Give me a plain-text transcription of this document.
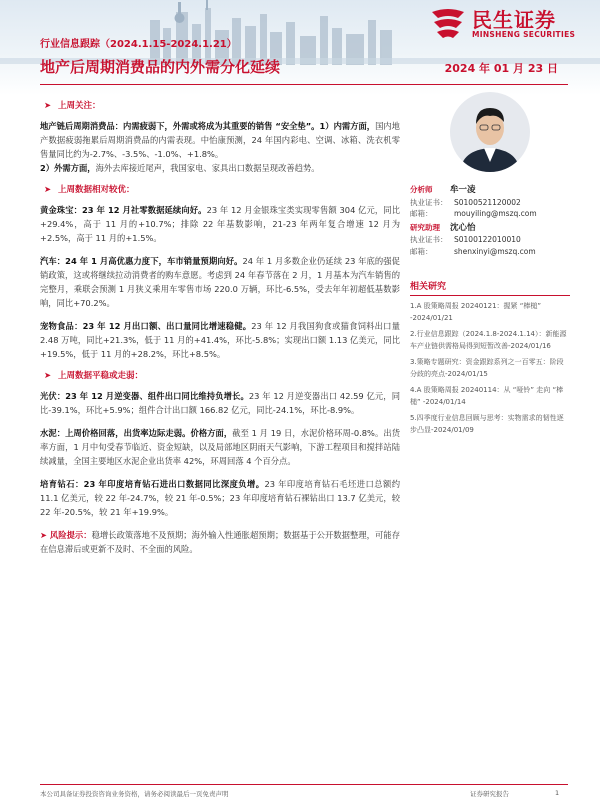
民生证券
MINSHENG SECURITIES
行业信息跟踪（2024.1.15-2024.1.21）
地产后周期消费品的内外需分化延续	2024 年 01 月 23 日
➤ 上周关注：

地产链后周期消费品：内需疲弱下，外需或将成为其重要的销售 “安全垫”。1）内需方面，国内地产数据疲弱拖累后周期消费品的内需表现。中怡康预测，24 年国内彩电、空调、冰箱、洗衣机零售量同比约为-2.7%、-3.5%、-1.0%、+1.8%。
2）外需方面，海外去库接近尾声，我国家电、家具出口数据呈现改善趋势。

➤ 上周数据相对较优：

黄金珠宝：23 年 12 月社零数据延续向好。23 年 12 月金银珠宝类实现零售额 304 亿元，同比+29.4%，高于 11 月的+10.7%；排除 22 年基数影响，21-23 年两年复合增速 12 月为+2.5%，高于 11 月的+1.5%。

汽车：24 年 1 月高优惠力度下，车市销量预期向好。24 年 1 月多数企业仍延续 23 年底的强促销政策，这或将继续拉动消费者的购车意愿。考虑到 24 年春节落在 2 月，1 月基本为汽车销售的完整月，乘联会预测 1 月狭义乘用车零售市场 220.0 万辆，环比-6.5%，受去年年初超低基数影响，同比+70.2%。

宠物食品：23 年 12 月出口额、出口量同比增速稳健。23 年 12 月我国狗食或猫食饲料出口量 2.48 万吨，同比+21.3%，低于 11 月的+41.4%，环比-5.8%；实现出口额 1.13 亿美元，同比+19.5%，低于 11 月的+28.2%，环比+8.5%。

➤ 上周数据平稳或走弱：

光伏：23 年 12 月逆变器、组件出口同比维持负增长。23 年 12 月逆变器出口 42.59 亿元，同比-39.1%，环比+5.9%；组件合计出口额 166.82 亿元，同比-24.1%，环比-8.9%。

水泥：上周价格回落，出货率边际走弱。价格方面，截至 1 月 19 日，水泥价格环周-0.8%。出货率方面，1 月中旬受春节临近、资金短缺，以及局部地区阴雨天气影响，下游工程项目和搅拌站陆续减量，全国主要地区水泥企业出货率 42%，环周回落 4 个百分点。

培育钻石：23 年印度培育钻石进出口数据同比深度负增。23 年印度培育钻石毛坯进口总额约 11.1 亿美元，较 22 年-24.7%，较 21 年-0.5%；23 年印度培育钻石裸钻出口 13.7 亿美元，较 22 年-20.5%，较 21 年+19.9%。

➤ 风险提示：稳增长政策落地不及预期；海外输入性通胀超预期；数据基于公开数据整理，可能存在信息滞后或更新不及时、不全面的风险。

分析师 牟一凌
执业证书： S0100521120002
邮箱：	mouyiling@mszq.com
研究助理 沈心怡
执业证书： S0100122010010
邮箱：	shenxinyi@mszq.com
相关研究
1.A 股策略周报 20240121：握紧 “棒槌” -2024/01/21
2.行业信息跟踪（2024.1.8-2024.1.14）：新能源车产业链供需格局得到短暂改善-2024/01/16
3.策略专题研究：资金跟踪系列之一百零五：阶段分歧的亮点-2024/01/15
4.A 股策略周报 20240114：从 “哑铃” 走向 “棒槌” -2024/01/14
5.四季度行业信息回顾与思考：实物需求的韧性逐步凸显-2024/01/09
本公司具备证券投资咨询业务资格，请务必阅读最后一页免责声明	证券研究报告	1
